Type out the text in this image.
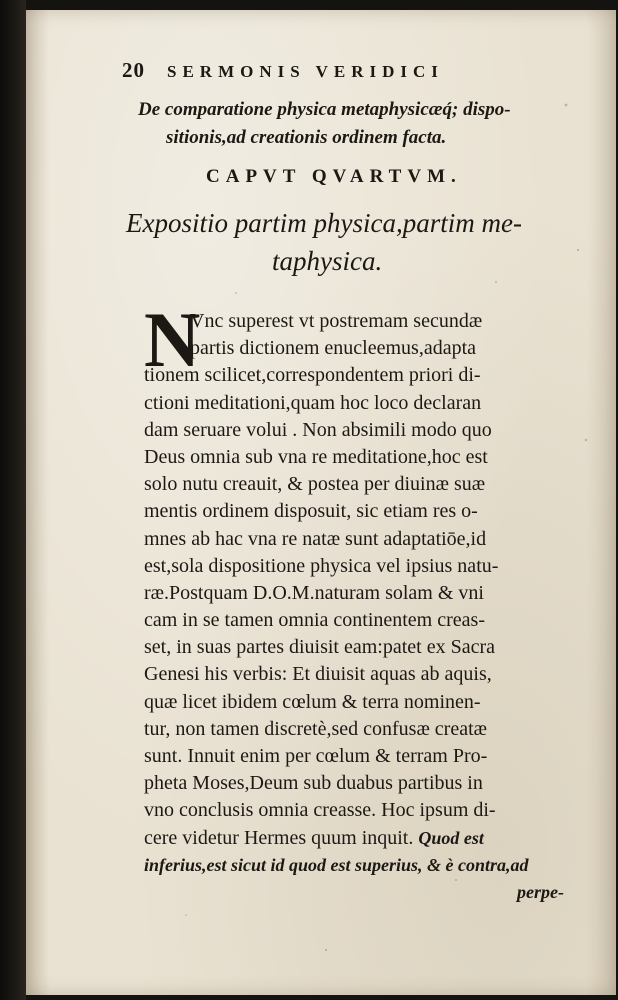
20 SERMONIS VERIDICI
De comparatione physica metaphysicæq́; dispo-
sitionis,ad creationis ordinem facta.
CAPVT QVARTVM.
Expositio partim physica,partim me-
taphysica.
N
Vnc superest vt postremam secundæ
partis dictionem enucleemus,adapta
tionem scilicet,correspondentem priori di-
ctioni meditationi,quam hoc loco declaran
dam seruare volui . Non absimili modo quo
Deus omnia sub vna re meditatione,hoc est
solo nutu creauit, & postea per diuinæ suæ
mentis ordinem disposuit, sic etiam res o-
mnes ab hac vna re natæ sunt adaptatiōe,id
est,sola dispositione physica vel ipsius natu-
ræ.Postquam D.O.M.naturam solam & vni
cam in se tamen omnia continentem creas-
set, in suas partes diuisit eam:patet ex Sacra
Genesi his verbis: Et diuisit aquas ab aquis,
quæ licet ibidem cœlum & terra nominen-
tur, non tamen discretè,sed confusæ creatæ
sunt. Innuit enim per cœlum & terram Pro-
pheta Moses,Deum sub duabus partibus in
vno conclusis omnia creasse. Hoc ipsum di-
cere videtur Hermes quum inquit. Quod est
inferius,est sicut id quod est superius, & è contra,ad
perpe-
